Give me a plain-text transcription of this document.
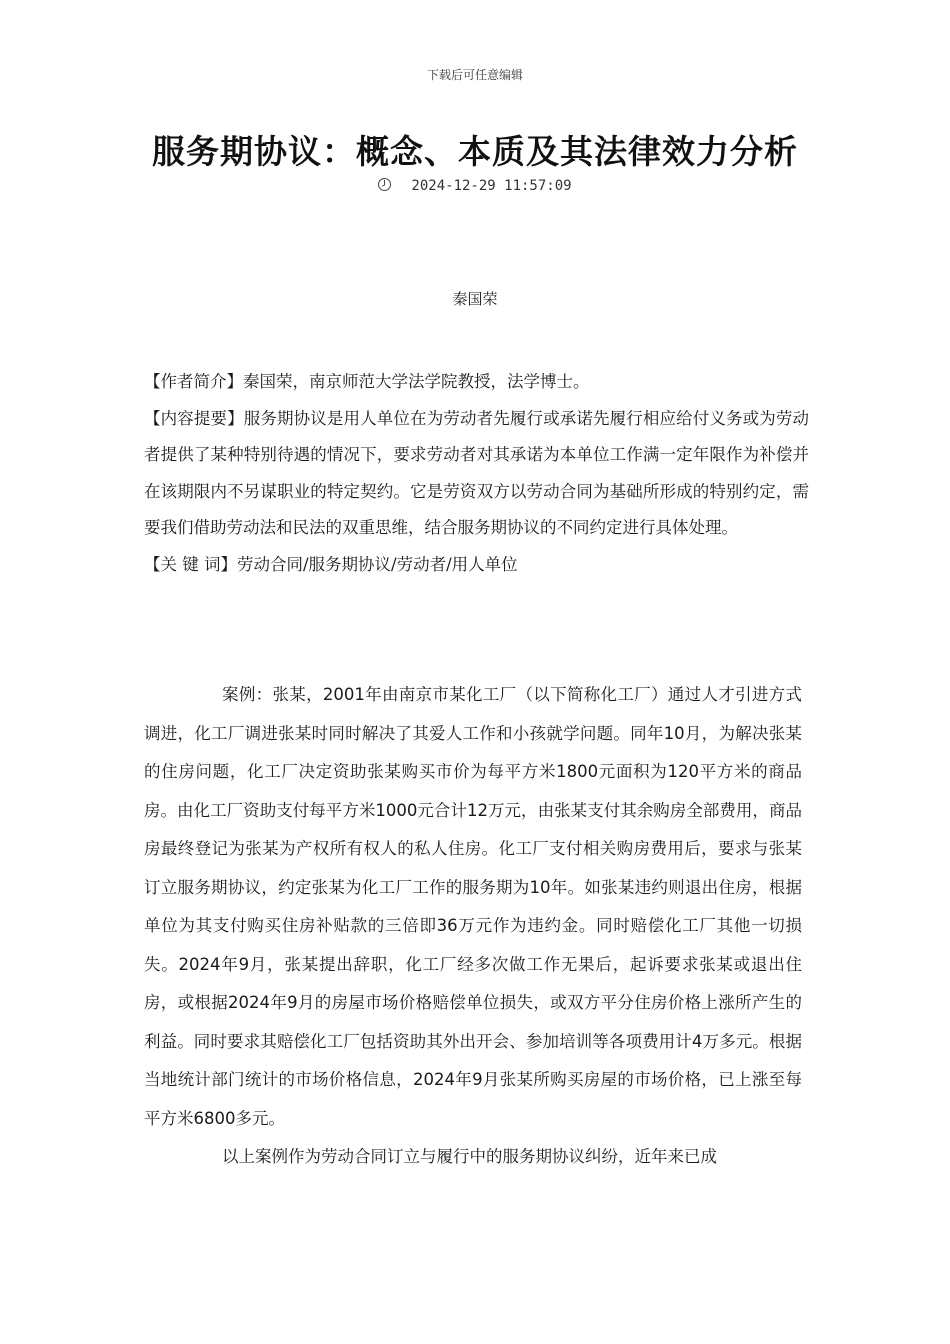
下载后可任意编辑
服务期协议：概念、本质及其法律效力分析
2024-12-29 11:57:09
秦国荣

【作者简介】秦国荣，南京师范大学法学院教授，法学博士。

【内容提要】服务期协议是用人单位在为劳动者先履行或承诺先履行相应给付义务或为劳动者提供了某种特别待遇的情况下，要求劳动者对其承诺为本单位工作满一定年限作为补偿并在该期限内不另谋职业的特定契约。它是劳资双方以劳动合同为基础所形成的特别约定，需要我们借助劳动法和民法的双重思维，结合服务期协议的不同约定进行具体处理。

【关 键 词】劳动合同/服务期协议/劳动者/用人单位

案例：张某，2001年由南京市某化工厂（以下简称化工厂）通过人才引进方式调进，化工厂调进张某时同时解决了其爱人工作和小孩就学问题。同年10月，为解决张某的住房问题，化工厂决定资助张某购买市价为每平方米1800元面积为120平方米的商品房。由化工厂资助支付每平方米1000元合计12万元，由张某支付其余购房全部费用，商品房最终登记为张某为产权所有权人的私人住房。化工厂支付相关购房费用后，要求与张某订立服务期协议，约定张某为化工厂工作的服务期为10年。如张某违约则退出住房，根据单位为其支付购买住房补贴款的三倍即36万元作为违约金。同时赔偿化工厂其他一切损失。2024年9月，张某提出辞职，化工厂经多次做工作无果后，起诉要求张某或退出住房，或根据2024年9月的房屋市场价格赔偿单位损失，或双方平分住房价格上涨所产生的利益。同时要求其赔偿化工厂包括资助其外出开会、参加培训等各项费用计4万多元。根据当地统计部门统计的市场价格信息，2024年9月张某所购买房屋的市场价格，已上涨至每平方米6800多元。

以上案例作为劳动合同订立与履行中的服务期协议纠纷，近年来已成
